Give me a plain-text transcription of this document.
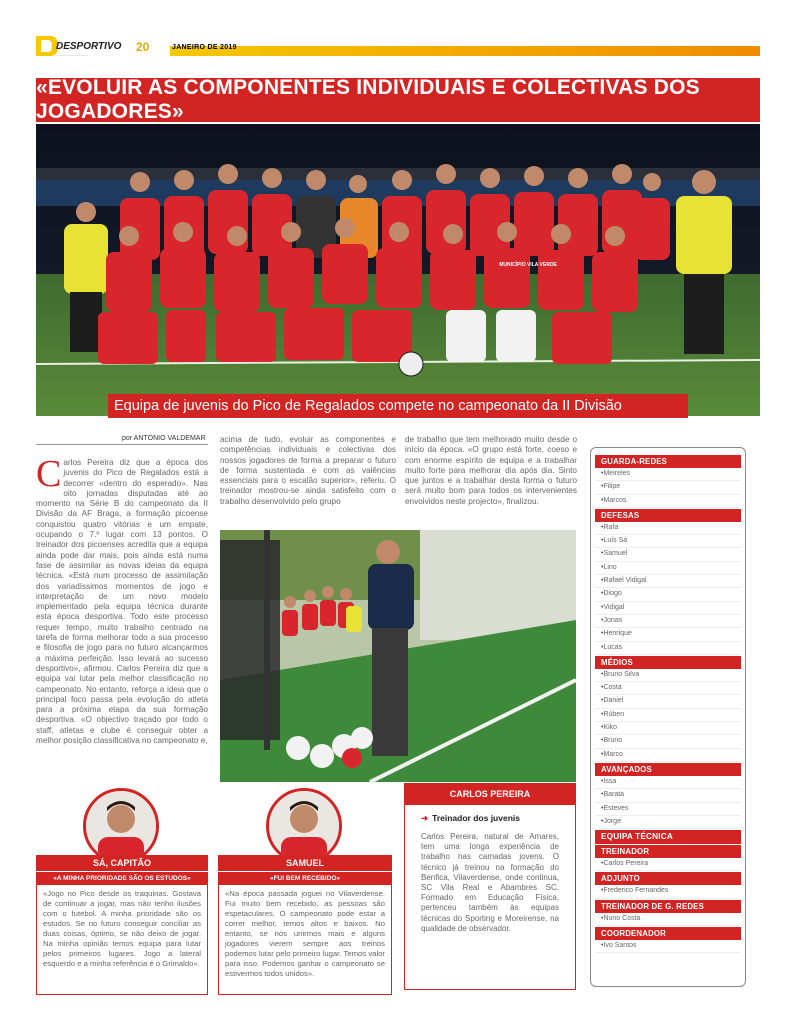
DESPORTIVO
__________________	20	JANEIRO DE 2019
«EVOLUIR AS COMPONENTES INDIVIDUAIS E COLECTIVAS DOS JOGADORES»
MUNICÍPIO VILA VERDE
Equipa de juvenis do Pico de Regalados compete no campeonato da II Divisão
por ANTÓNIO VALDEMAR
C arlos Pereira diz que a época dos juvenis do Pico de Regalados está a decorrer «dentro do esperado». Nas oito jornadas disputadas até ao momento na Série B do campeonato da II Divisão da AF Braga, a formação picoense conquistou quatro vitórias e um empate, ocupando o 7.º lugar com 13 pontos. O treinador dos picoenses acredita que a equipa ainda pode dar mais, pois ainda está numa fase de assimilar as novas ideias da equipa técnica. «Está num processo de assimilação dos variadíssimos momentos de jogo e interpretação de um novo modelo implementado pela equipa técnica durante esta época desportiva. Todo este processo requer tempo, muito trabalho centrado na tarefa de forma melhorar todo a sua processo e filosofia de jogo para no futuro alcançarmos a máxima perfeição. Isso levará ao sucesso desportivo», afirmou. Carlos Pereira diz que a equipa vai lutar pela melhor classificação no campeonato. No entanto, reforça a ideia que o principal foco passa pela evolução do atleta para a próxima etapa da sua formação desportiva. «O objectivo traçado por todo o staff, atletas e clube é conseguir obter a melhor posição classificativa no campeonato e,

acima de tudo, evoluir as componentes e competências individuais e colectivas dos nossos jogadores de forma a preparar o futuro de forma sustentada e com as valências essenciais para o escalão superior», referiu. O treinador mostrou-se ainda satisfeito com o trabalho desenvolvido pelo grupo

de trabalho que tem melhorado muito desde o início da época. «O grupo está forte, coeso e com enorme espírito de equipa e a trabalhar muito forte para melhorar dia após dia. Sinto que juntos e a trabalhar desta forma o futuro será muito bom para todos os intervenientes envolvidos neste projecto», finalizou.

CARLOS PEREIRA
➜ Treinador dos juvenis
Carlos Pereira, natural de Amares, tem uma longa experiência de trabalho nas camadas jovens. O técnico já treinou na formação do Benfica, Vilaverdense, onde continua, SC Vila Real e Abambres SC. Formado em Educação Física, pertenceu também às equipas técnicas do Sporting e Moreirense, na qualidade de observador.
SÁ, CAPITÃO
«A MINHA PRIORIDADE SÃO OS ESTUDOS»
«Jogo no Pico desde os traquinas. Gostava de continuar a jogar, mas não tenho ilusões com o futebol. A minha prioridade são os estudos. Se no futuro conseguir conciliar as duas coisas, óptimo, se não deixo de jogar. Na minha opinião temos equipa para lutar pelos primeiros lugares. Jogo a lateral esquerdo e a minha referência é o Grimaldo».
SAMUEL
«FUI BEM RECEBIDO»
«Na época passada joguei no Vilaverdense. Fui muito bem recebido, as pessoas são espetaculares. O campeonato pode estar a correr melhor, temos altos e baixos. No entanto, se nós unirmos mais e alguns jogadores vierem sempre aos treinos podemos lutar pelo primeiro lugar. Temos valor para isso. Podemos ganhar o campeonato se estivermos todos unidos».
GUARDA-REDES
• Meireles
• Filipe
• Marcos
DEFESAS
• Rafa
• Luís Sá
• Samuel
• Lino
• Rafael Vidigal
• Diogo
• Vidigal
• Jonas
• Henrique
• Lucas
MÉDIOS
• Bruno Silva
• Costa
• Daniel
• Rúben
• Kiko
• Bruno
• Marco
AVANÇADOS
• Issa
• Barata
• Esteves
• Jorge
EQUIPA TÉCNICA
TREINADOR
• Carlos Pereira
ADJUNTO
• Frederico Fernandes
TREINADOR DE G. REDES
• Nuno Costa
COORDENADOR
• Ivo Santos
